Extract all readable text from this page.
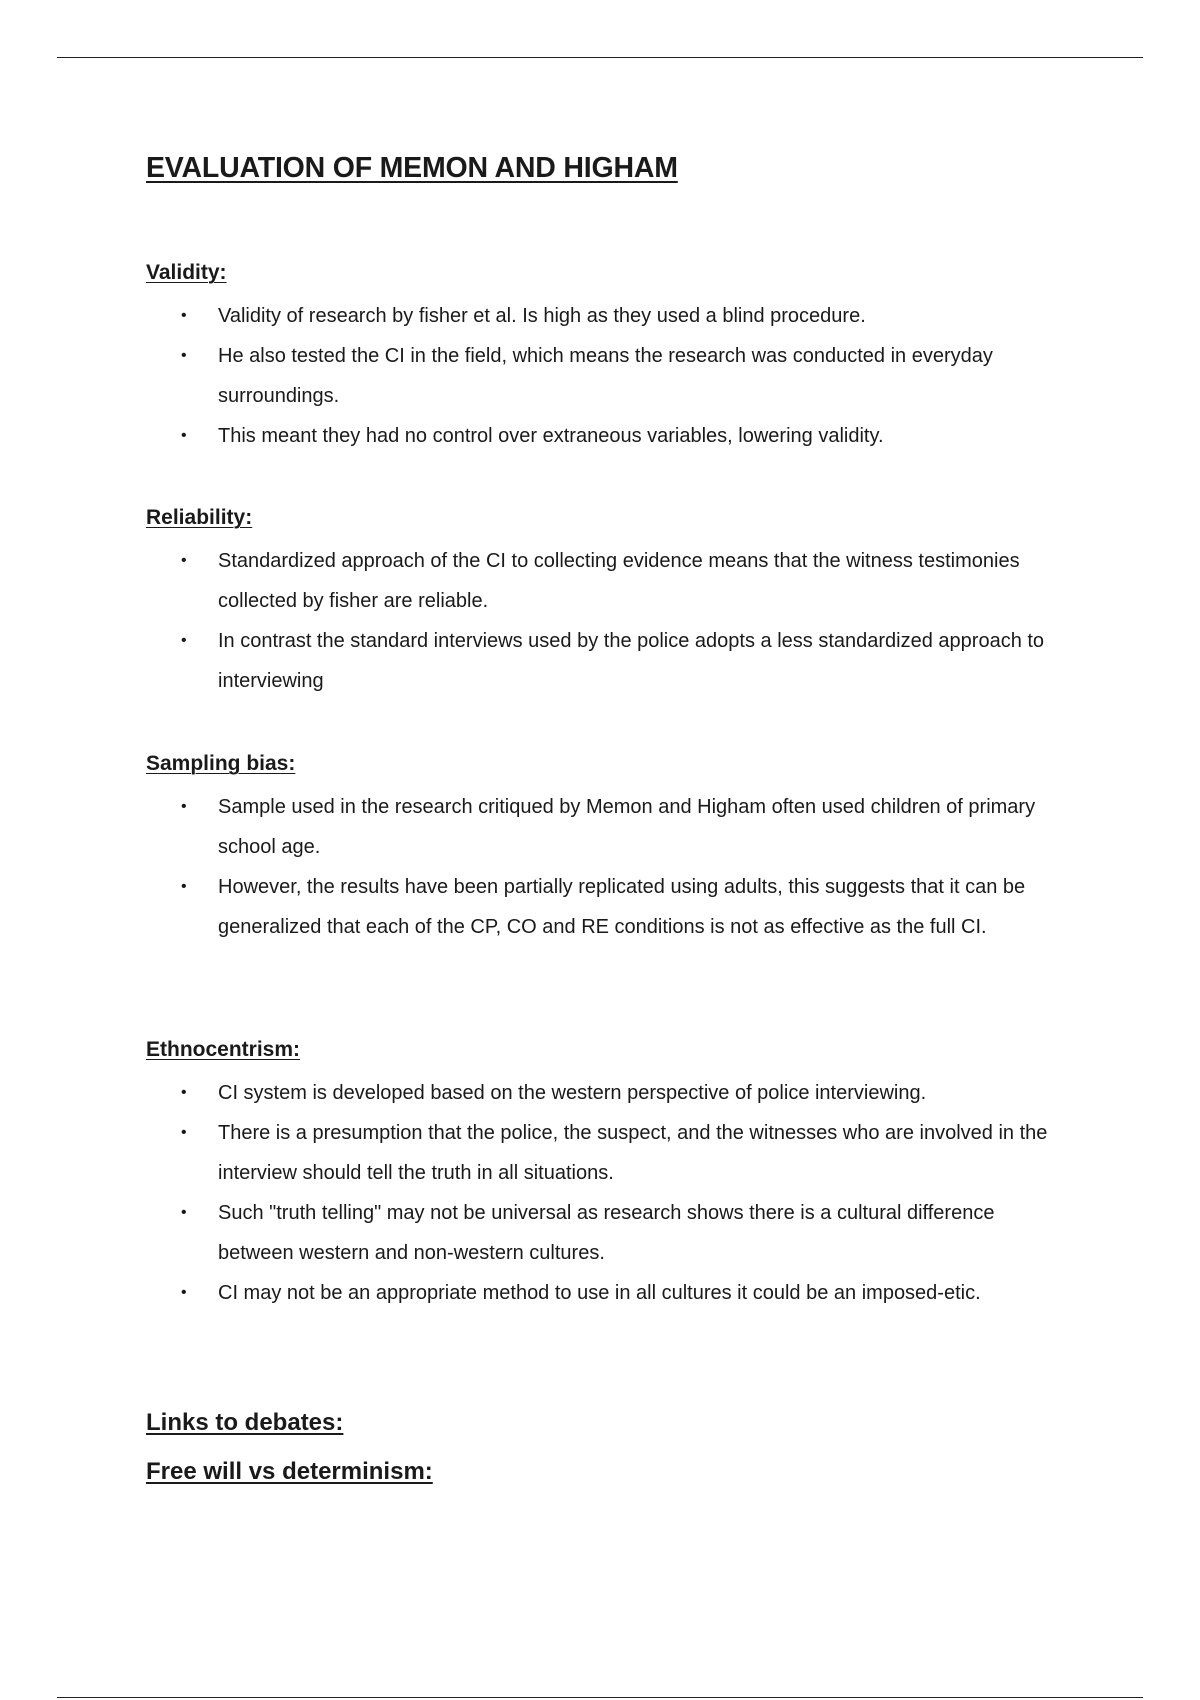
EVALUATION OF MEMON AND HIGHAM
Validity:
• Validity of research by fisher et al. Is high as they used a blind procedure.
• He also tested the CI in the field, which means the research was conducted in everyday surroundings.
• This meant they had no control over extraneous variables, lowering validity.
Reliability:
• Standardized approach of the CI to collecting evidence means that the witness testimonies collected by fisher are reliable.
• In contrast the standard interviews used by the police adopts a less standardized approach to interviewing
Sampling bias:
• Sample used in the research critiqued by Memon and Higham often used children of primary school age.
• However, the results have been partially replicated using adults, this suggests that it can be generalized that each of the CP, CO and RE conditions is not as effective as the full CI.
Ethnocentrism:
• CI system is developed based on the western perspective of police interviewing.
• There is a presumption that the police, the suspect, and the witnesses who are involved in the interview should tell the truth in all situations.
• Such "truth telling" may not be universal as research shows there is a cultural difference between western and non-western cultures.
• CI may not be an appropriate method to use in all cultures it could be an imposed-etic.
Links to debates:
Free will vs determinism:
